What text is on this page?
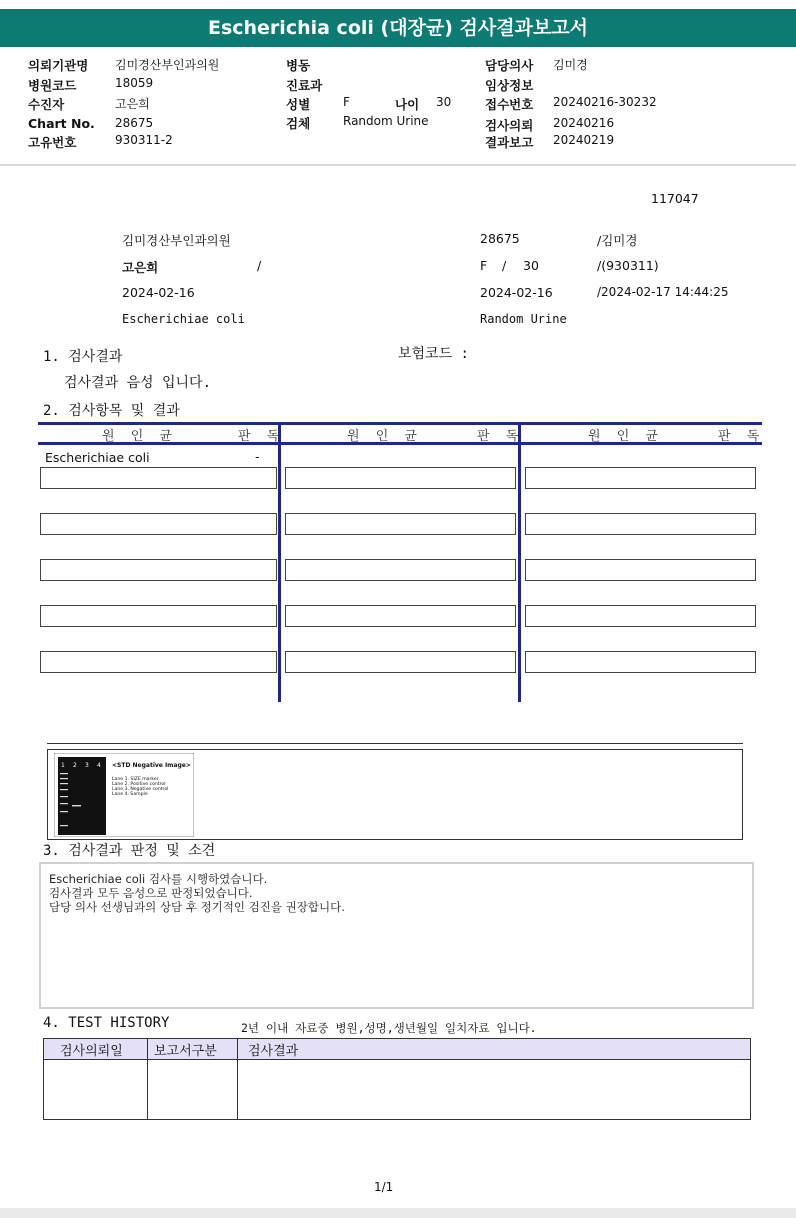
Escherichia coli (대장균) 검사결과보고서
의뢰기관명 김미경산부인과의원
병원코드	18059
수진자	고은희
Chart No. 28675
고유번호	930311-2
병동
진료과
성별	F	나이 30
검체	Random Urine
담당의사 김미경
임상정보
접수번호 20240216-30232
검사의뢰 20240216
결과보고 20240219
117047
김미경산부인과의원	28675	/김미경
고은희	/	F / 30	/(930311)
2024-02-16	2024-02-16	/2024-02-17 14:44:25
Escherichiae coli	Random Urine
1. 검사결과	보험코드 :
검사결과 음성 입니다.
2. 검사항목 및 결과
원 인 균	판 독	원 인 균	판 독	원 인 균	판 독
Escherichiae coli	-
1 2 3 4 <STD Negative Image>
Lane 1. SIZE marker
Lane 2. Positive control
Lane 3. Negative control
Lane 4. Sample
3. 검사결과 판정 및 소견
Escherichiae coli 검사를 시행하였습니다.
검사결과 모두 음성으로 판정되었습니다.
담당 의사 선생님과의 상담 후 정기적인 검진을 권장합니다.
4. TEST HISTORY	2년 이내 자료중 병원,성명,생년월일 일치자료 입니다.
검사의뢰일	보고서구분	검사결과

1/1
